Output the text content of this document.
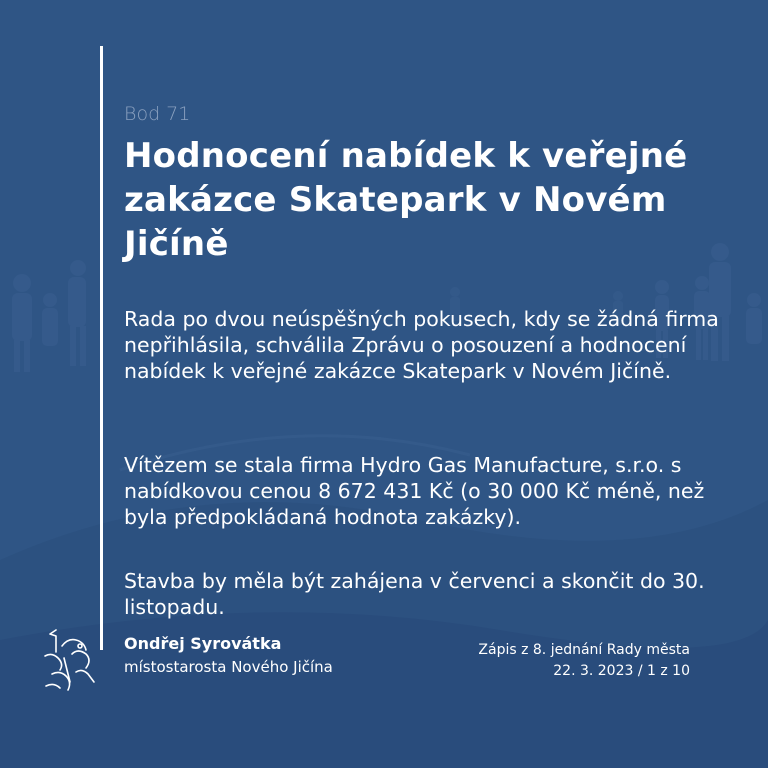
Bod 71

Hodnocení nabídek k veřejné zakázce Skatepark v Novém Jičíně

Rada po dvou neúspěšných pokusech, kdy se žádná firma nepřihlásila, schválila Zprávu o posouzení a hodnocení nabídek k veřejné zakázce Skatepark v Novém Jičíně.

Vítězem se stala firma Hydro Gas Manufacture, s.r.o. s nabídkovou cenou 8 672 431 Kč (o 30 000 Kč méně, než byla předpokládaná hodnota zakázky).

Stavba by měla být zahájena v červenci a skončit do 30. listopadu.

Ondřej Syrovátka

místostarosta Nového Jičína

Zápis z 8. jednání Rady města
22. 3. 2023 / 1 z 10
